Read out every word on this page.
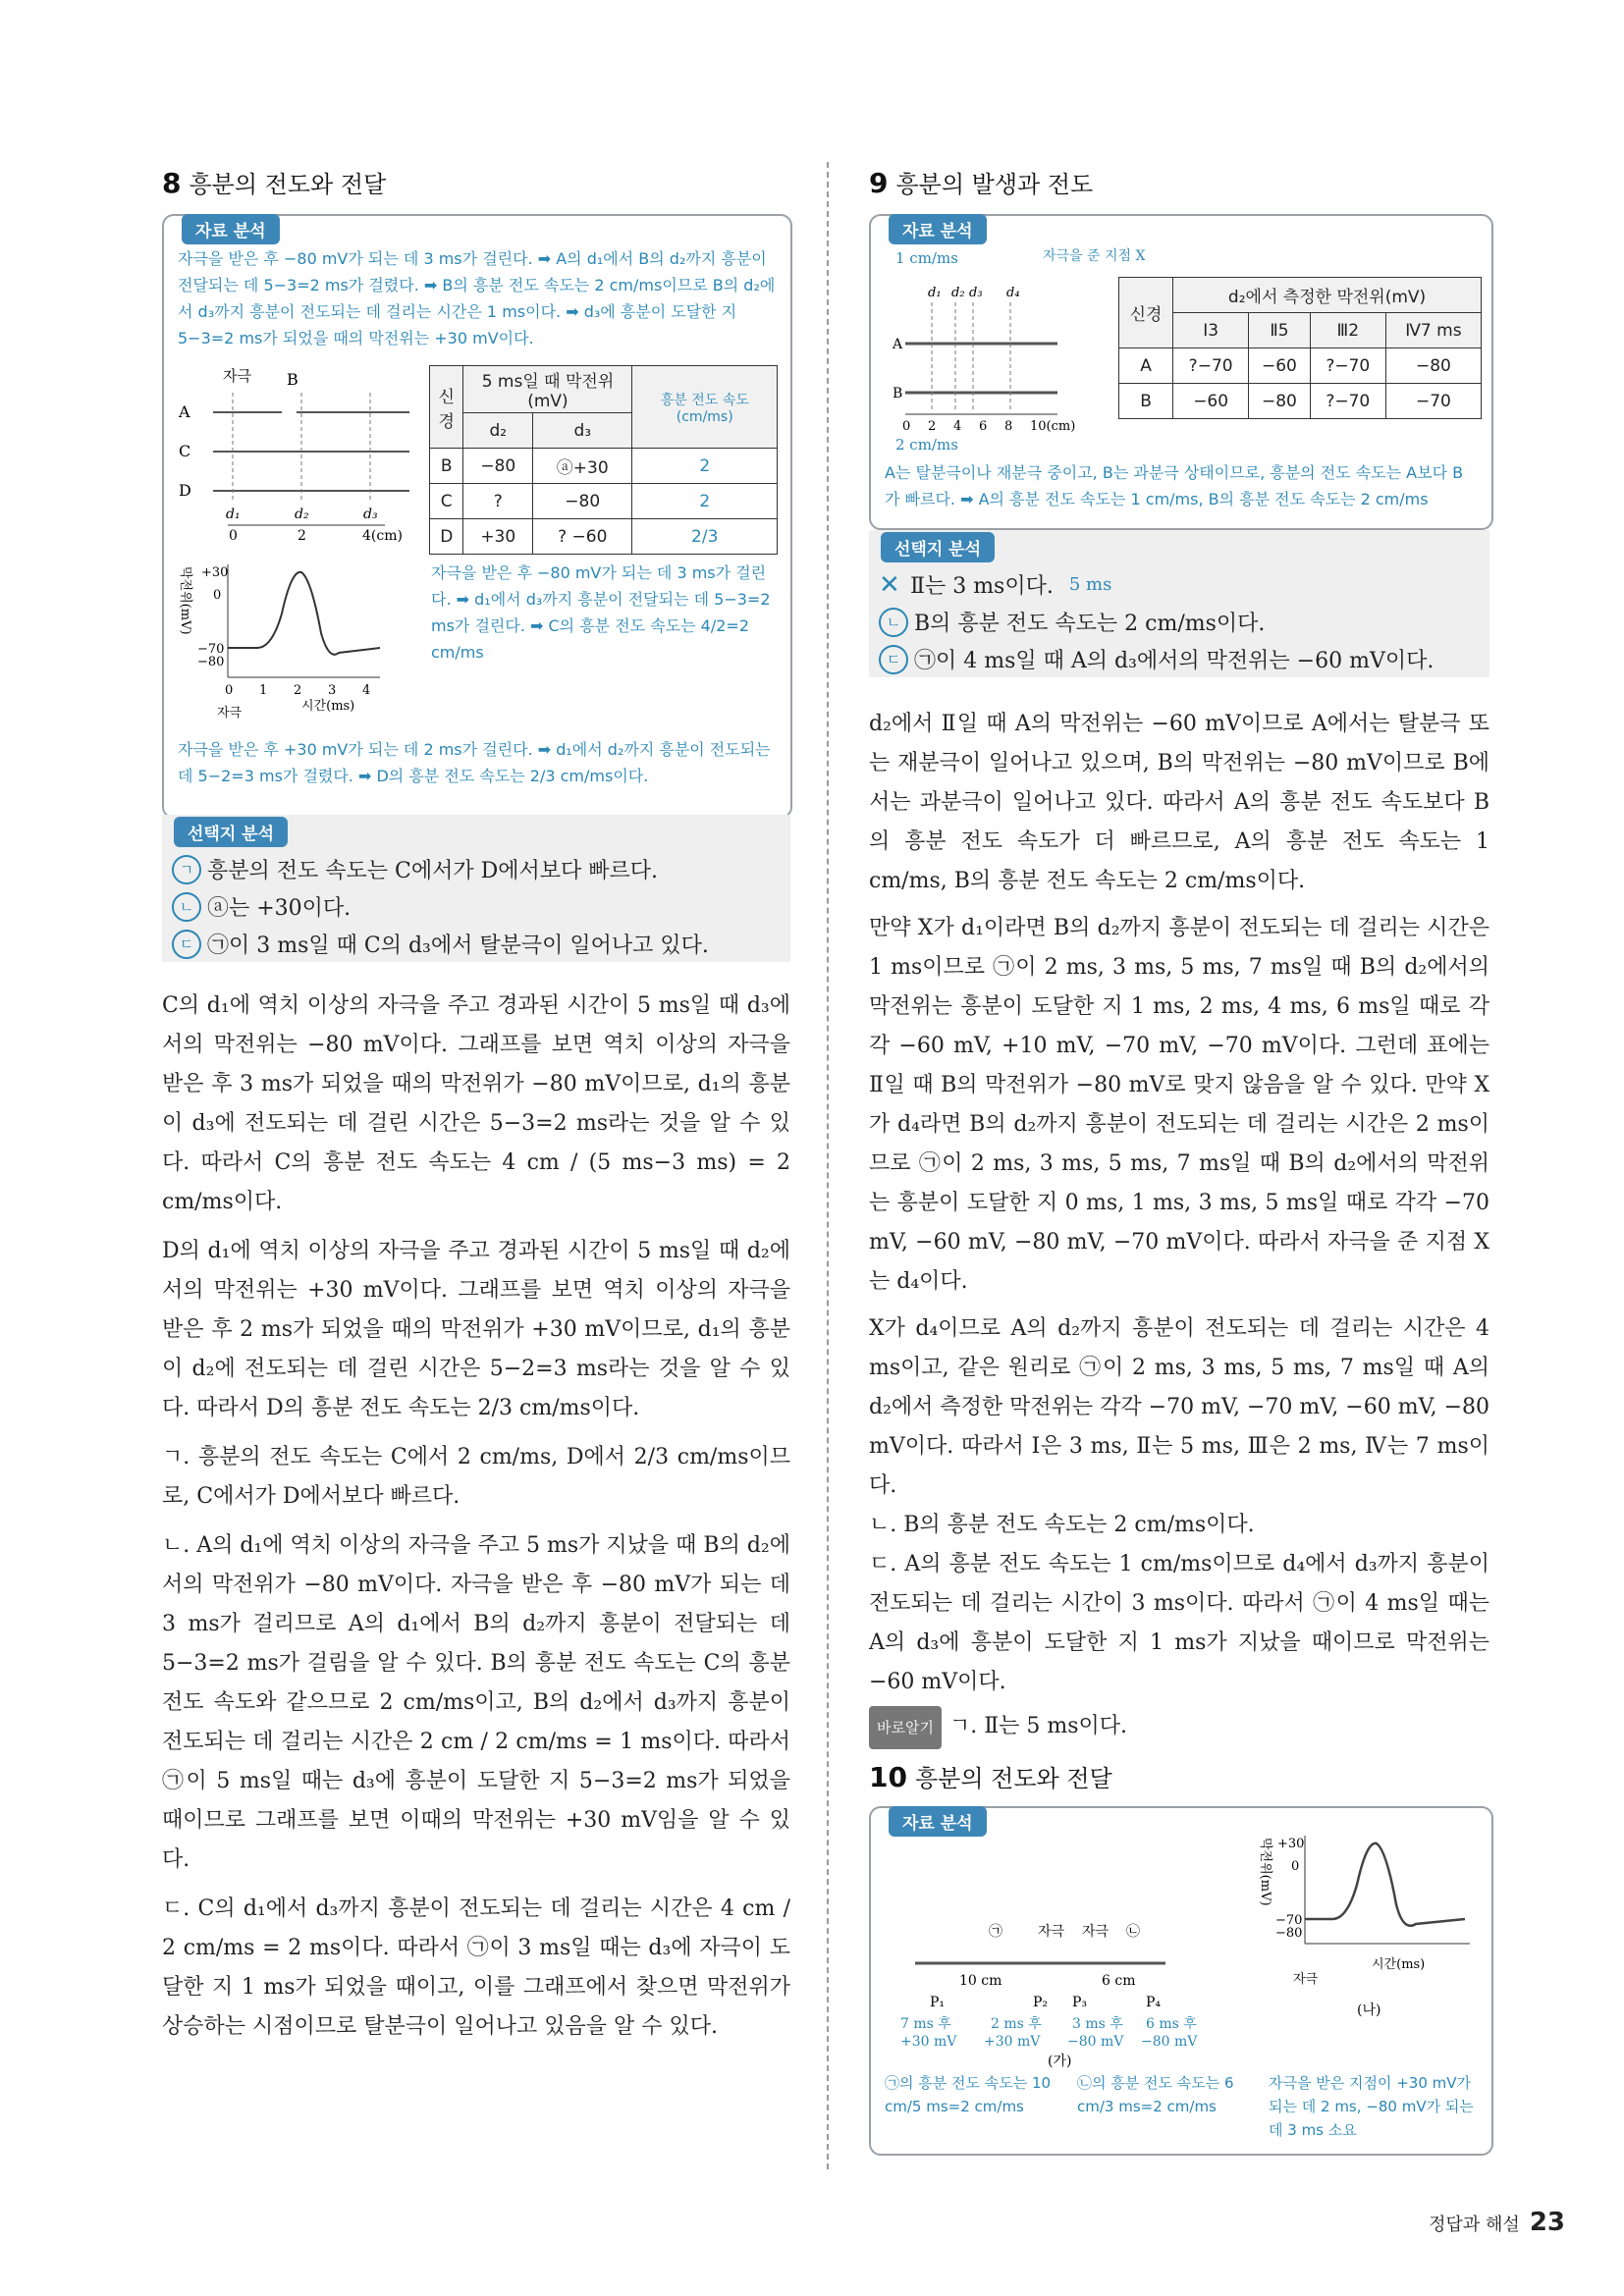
8 흥분의 전도와 전달
자료 분석
자극을 받은 후 −80 mV가 되는 데 3 ms가 걸린다. ➡ A의 d₁에서 B의 d₂까지 흥분이 전달되는 데 5−3=2 ms가 걸렸다. ➡ B의 흥분 전도 속도는 2 cm/ms이므로 B의 d₂에서 d₃까지 흥분이 전도되는 데 걸리는 시간은 1 ms이다. ➡ d₃에 흥분이 도달한 지 5−3=2 ms가 되었을 때의 막전위는 +30 mV이다.
자극 B
A
C
D
d₁	d₂	d₃
0	2	4(cm)
막전위(mV) +30
0
−70
−80
0 1 2 3 4
시간(ms)
자극
신경	5 ms일 때 막전위(mV)		흥분 전도 속도 (cm/ms)
	d₂	d₃	
B	−80	ⓐ+30	2
C	?	−80	2
D	+30	? −60	2/3
자극을 받은 후 −80 mV가 되는 데 3 ms가 걸린다. ➡ d₁에서 d₃까지 흥분이 전달되는 데 5−3=2 ms가 걸린다. ➡ C의 흥분 전도 속도는 4/2=2 cm/ms
자극을 받은 후 +30 mV가 되는 데 2 ms가 걸린다. ➡ d₁에서 d₂까지 흥분이 전도되는 데 5−2=3 ms가 걸렸다. ➡ D의 흥분 전도 속도는 2/3 cm/ms이다.
선택지 분석
ㄱ 흥분의 전도 속도는 C에서가 D에서보다 빠르다.
ㄴ ⓐ는 +30이다.
ㄷ ㉠이 3 ms일 때 C의 d₃에서 탈분극이 일어나고 있다.

C의 d₁에 역치 이상의 자극을 주고 경과된 시간이 5 ms일 때 d₃에서의 막전위는 −80 mV이다. 그래프를 보면 역치 이상의 자극을 받은 후 3 ms가 되었을 때의 막전위가 −80 mV이므로, d₁의 흥분이 d₃에 전도되는 데 걸린 시간은 5−3=2 ms라는 것을 알 수 있다. 따라서 C의 흥분 전도 속도는 4 cm / (5 ms−3 ms) = 2 cm/ms이다.

D의 d₁에 역치 이상의 자극을 주고 경과된 시간이 5 ms일 때 d₂에서의 막전위는 +30 mV이다. 그래프를 보면 역치 이상의 자극을 받은 후 2 ms가 되었을 때의 막전위가 +30 mV이므로, d₁의 흥분이 d₂에 전도되는 데 걸린 시간은 5−2=3 ms라는 것을 알 수 있다. 따라서 D의 흥분 전도 속도는 2/3 cm/ms이다.

ㄱ. 흥분의 전도 속도는 C에서 2 cm/ms, D에서 2/3 cm/ms이므로, C에서가 D에서보다 빠르다.

ㄴ. A의 d₁에 역치 이상의 자극을 주고 5 ms가 지났을 때 B의 d₂에서의 막전위가 −80 mV이다. 자극을 받은 후 −80 mV가 되는 데 3 ms가 걸리므로 A의 d₁에서 B의 d₂까지 흥분이 전달되는 데 5−3=2 ms가 걸림을 알 수 있다. B의 흥분 전도 속도는 C의 흥분 전도 속도와 같으므로 2 cm/ms이고, B의 d₂에서 d₃까지 흥분이 전도되는 데 걸리는 시간은 2 cm / 2 cm/ms = 1 ms이다. 따라서 ㉠이 5 ms일 때는 d₃에 흥분이 도달한 지 5−3=2 ms가 되었을 때이므로 그래프를 보면 이때의 막전위는 +30 mV임을 알 수 있다.

ㄷ. C의 d₁에서 d₃까지 흥분이 전도되는 데 걸리는 시간은 4 cm / 2 cm/ms = 2 ms이다. 따라서 ㉠이 3 ms일 때는 d₃에 자극이 도달한 지 1 ms가 되었을 때이고, 이를 그래프에서 찾으면 막전위가 상승하는 시점이므로 탈분극이 일어나고 있음을 알 수 있다.

9 흥분의 발생과 전도
자료 분석
1 cm/ms	자극을 준 지점 X
d₁ d₂ d₃ d₄
A
B
0 2 4 6 8 10(cm)
2 cm/ms
신경	d₂에서 측정한 막전위(mV)			
	Ⅰ3	Ⅱ5	Ⅲ2	Ⅳ7 ms
A	?−70	−60	?−70	−80
B	−60	−80	?−70	−70
A는 탈분극이나 재분극 중이고, B는 과분극 상태이므로, 흥분의 전도 속도는 A보다 B가 빠르다. ➡ A의 흥분 전도 속도는 1 cm/ms, B의 흥분 전도 속도는 2 cm/ms
선택지 분석
✕ Ⅱ는 3 ms이다. 5 ms
ㄴ B의 흥분 전도 속도는 2 cm/ms이다.
ㄷ ㉠이 4 ms일 때 A의 d₃에서의 막전위는 −60 mV이다.

d₂에서 Ⅱ일 때 A의 막전위는 −60 mV이므로 A에서는 탈분극 또는 재분극이 일어나고 있으며, B의 막전위는 −80 mV이므로 B에서는 과분극이 일어나고 있다. 따라서 A의 흥분 전도 속도보다 B의 흥분 전도 속도가 더 빠르므로, A의 흥분 전도 속도는 1 cm/ms, B의 흥분 전도 속도는 2 cm/ms이다.

만약 X가 d₁이라면 B의 d₂까지 흥분이 전도되는 데 걸리는 시간은 1 ms이므로 ㉠이 2 ms, 3 ms, 5 ms, 7 ms일 때 B의 d₂에서의 막전위는 흥분이 도달한 지 1 ms, 2 ms, 4 ms, 6 ms일 때로 각각 −60 mV, +10 mV, −70 mV, −70 mV이다. 그런데 표에는 Ⅱ일 때 B의 막전위가 −80 mV로 맞지 않음을 알 수 있다. 만약 X가 d₄라면 B의 d₂까지 흥분이 전도되는 데 걸리는 시간은 2 ms이므로 ㉠이 2 ms, 3 ms, 5 ms, 7 ms일 때 B의 d₂에서의 막전위는 흥분이 도달한 지 0 ms, 1 ms, 3 ms, 5 ms일 때로 각각 −70 mV, −60 mV, −80 mV, −70 mV이다. 따라서 자극을 준 지점 X는 d₄이다.

X가 d₄이므로 A의 d₂까지 흥분이 전도되는 데 걸리는 시간은 4 ms이고, 같은 원리로 ㉠이 2 ms, 3 ms, 5 ms, 7 ms일 때 A의 d₂에서 측정한 막전위는 각각 −70 mV, −70 mV, −60 mV, −80 mV이다. 따라서 Ⅰ은 3 ms, Ⅱ는 5 ms, Ⅲ은 2 ms, Ⅳ는 7 ms이다.

ㄴ. B의 흥분 전도 속도는 2 cm/ms이다.

ㄷ. A의 흥분 전도 속도는 1 cm/ms이므로 d₄에서 d₃까지 흥분이 전도되는 데 걸리는 시간이 3 ms이다. 따라서 ㉠이 4 ms일 때는 A의 d₃에 흥분이 도달한 지 1 ms가 지났을 때이므로 막전위는 −60 mV이다.

바로알기 ㄱ. Ⅱ는 5 ms이다.

10 흥분의 전도와 전달
자료 분석
㉠	자극 자극 ㉡
10 cm	6 cm
P₁	P₂ P₃	P₄
7 ms 후
+30 mV
2 ms 후
+30 mV
3 ms 후
−80 mV
6 ms 후
−80 mV
(가)
막전위(mV) +30
0
−70
−80
시간(ms)
자극
(나)
㉠의 흥분 전도 속도는 10 cm/5 ms=2 cm/ms
㉡의 흥분 전도 속도는 6 cm/3 ms=2 cm/ms
자극을 받은 지점이 +30 mV가 되는 데 2 ms, −80 mV가 되는 데 3 ms 소요
정답과 해설 23
